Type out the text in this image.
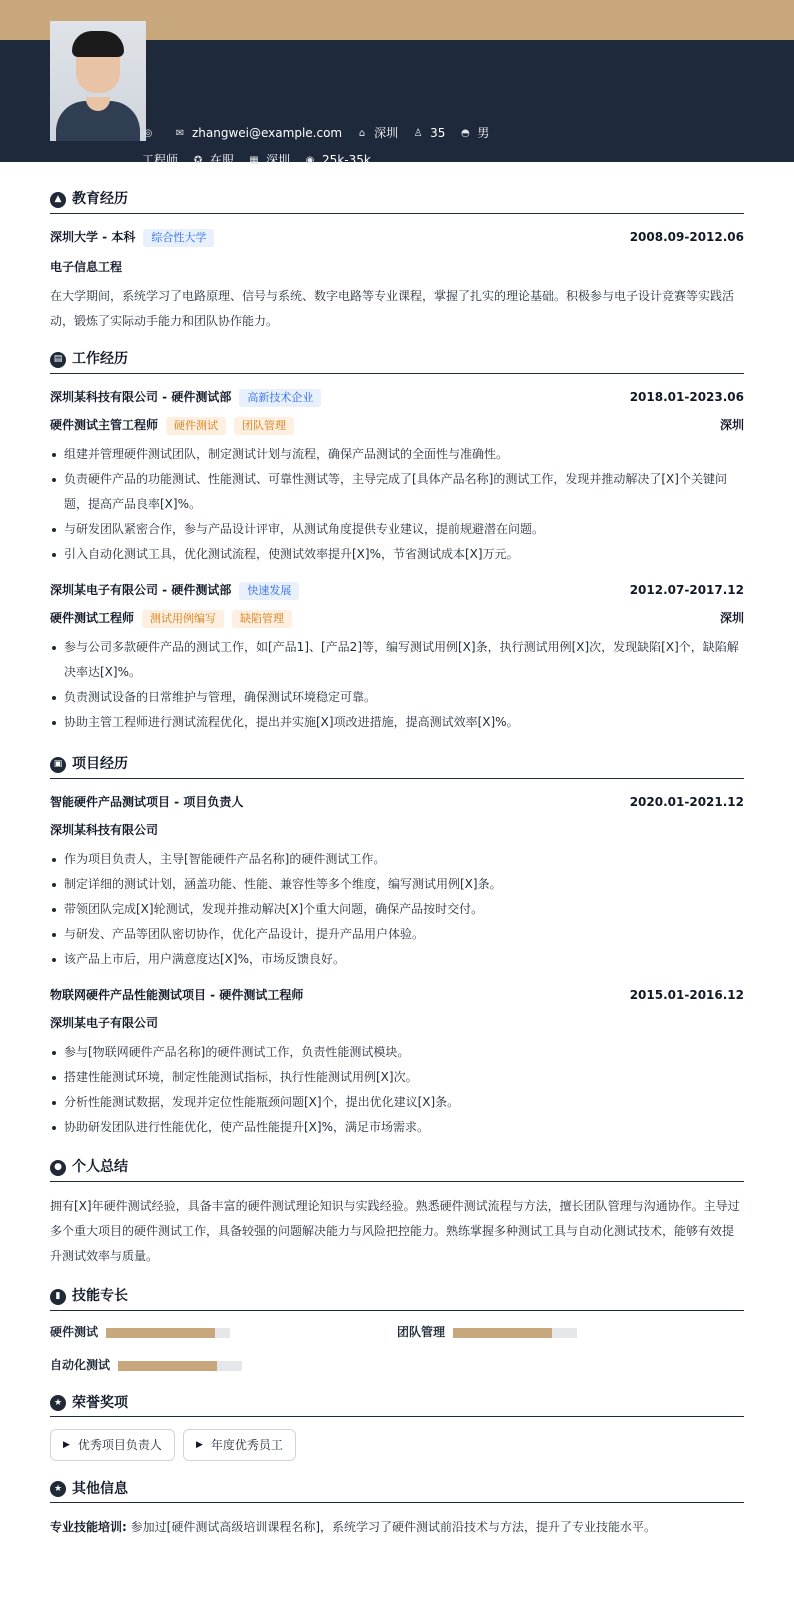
◎ ✉ zhangwei@example.com ⌂ 深圳 ♙ 35 ◓ 男
工程师 ✪ 在职 ▦ 深圳 ◉ 25k-35k
▲ 教育经历
深圳大学 - 本科	综合性大学	2008.09-2012.06
电子信息工程
在大学期间，系统学习了电路原理、信号与系统、数字电路等专业课程，掌握了扎实的理论基础。积极参与电子设计竞赛等实践活动，锻炼了实际动手能力和团队协作能力。
▤ 工作经历
深圳某科技有限公司 - 硬件测试部	高新技术企业	2018.01-2023.06
硬件测试主管工程师	硬件测试	团队管理	深圳
组建并管理硬件测试团队，制定测试计划与流程，确保产品测试的全面性与准确性。
负责硬件产品的功能测试、性能测试、可靠性测试等，主导完成了[具体产品名称]的测试工作，发现并推动解决了[X]个关键问题，提高产品良率[X]%。
与研发团队紧密合作，参与产品设计评审，从测试角度提供专业建议，提前规避潜在问题。
引入自动化测试工具，优化测试流程，使测试效率提升[X]%，节省测试成本[X]万元。
深圳某电子有限公司 - 硬件测试部	快速发展	2012.07-2017.12
硬件测试工程师	测试用例编写	缺陷管理	深圳
参与公司多款硬件产品的测试工作，如[产品1]、[产品2]等，编写测试用例[X]条，执行测试用例[X]次，发现缺陷[X]个，缺陷解决率达[X]%。
负责测试设备的日常维护与管理，确保测试环境稳定可靠。
协助主管工程师进行测试流程优化，提出并实施[X]项改进措施，提高测试效率[X]%。
▣ 项目经历
智能硬件产品测试项目 - 项目负责人	2020.01-2021.12
深圳某科技有限公司
作为项目负责人，主导[智能硬件产品名称]的硬件测试工作。
制定详细的测试计划，涵盖功能、性能、兼容性等多个维度，编写测试用例[X]条。
带领团队完成[X]轮测试，发现并推动解决[X]个重大问题，确保产品按时交付。
与研发、产品等团队密切协作，优化产品设计，提升产品用户体验。
该产品上市后，用户满意度达[X]%，市场反馈良好。
物联网硬件产品性能测试项目 - 硬件测试工程师	2015.01-2016.12
深圳某电子有限公司
参与[物联网硬件产品名称]的硬件测试工作，负责性能测试模块。
搭建性能测试环境，制定性能测试指标，执行性能测试用例[X]次。
分析性能测试数据，发现并定位性能瓶颈问题[X]个，提出优化建议[X]条。
协助研发团队进行性能优化，使产品性能提升[X]%，满足市场需求。
● 个人总结
拥有[X]年硬件测试经验，具备丰富的硬件测试理论知识与实践经验。熟悉硬件测试流程与方法，擅长团队管理与沟通协作。主导过多个重大项目的硬件测试工作，具备较强的问题解决能力与风险把控能力。熟练掌握多种测试工具与自动化测试技术，能够有效提升测试效率与质量。
▮ 技能专长
硬件测试	团队管理
自动化测试
★ 荣誉奖项
▶ 优秀项目负责人	▶ 年度优秀员工
★ 其他信息
专业技能培训: 参加过[硬件测试高级培训课程名称]，系统学习了硬件测试前沿技术与方法，提升了专业技能水平。
